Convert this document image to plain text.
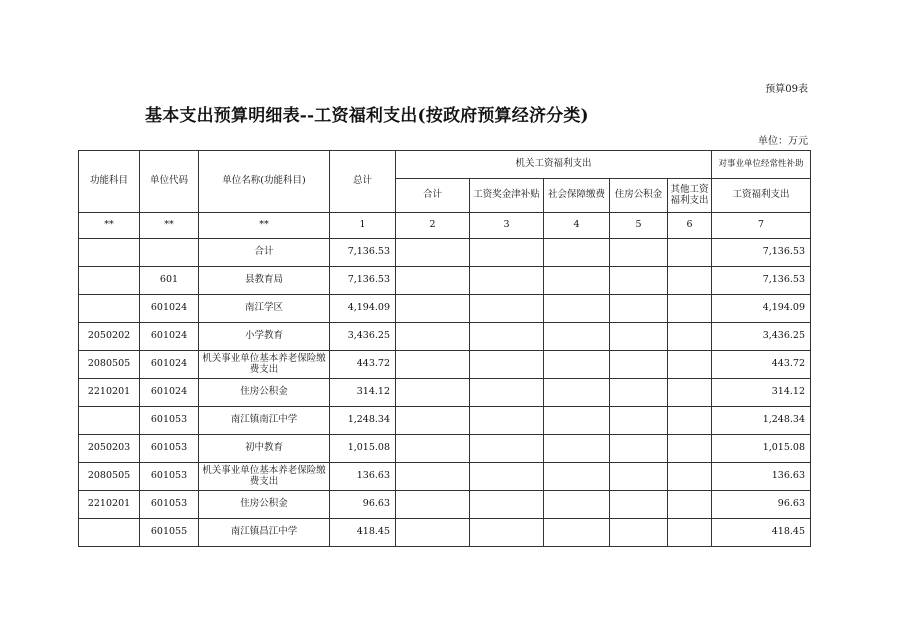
预算09表
基本支出预算明细表--工资福利支出(按政府预算经济分类)
单位：万元
功能科目	单位代码	单位名称(功能科目)	总计	机关工资福利支出					对事业单位经常性补助
				合计	工资奖金津补贴	社会保障缴费	住房公积金	其他工资福利支出	工资福利支出
**	**	**	1	2	3	4	5	6	7
		合计	7,136.53						7,136.53
	601	县教育局	7,136.53						7,136.53
	601024	南江学区	4,194.09						4,194.09
2050202	601024	小学教育	3,436.25						3,436.25
2080505	601024	机关事业单位基本养老保险缴费支出	443.72						443.72
2210201	601024	住房公积金	314.12						314.12
	601053	南江镇南江中学	1,248.34						1,248.34
2050203	601053	初中教育	1,015.08						1,015.08
2080505	601053	机关事业单位基本养老保险缴费支出	136.63						136.63
2210201	601053	住房公积金	96.63						96.63
	601055	南江镇昌江中学	418.45						418.45
